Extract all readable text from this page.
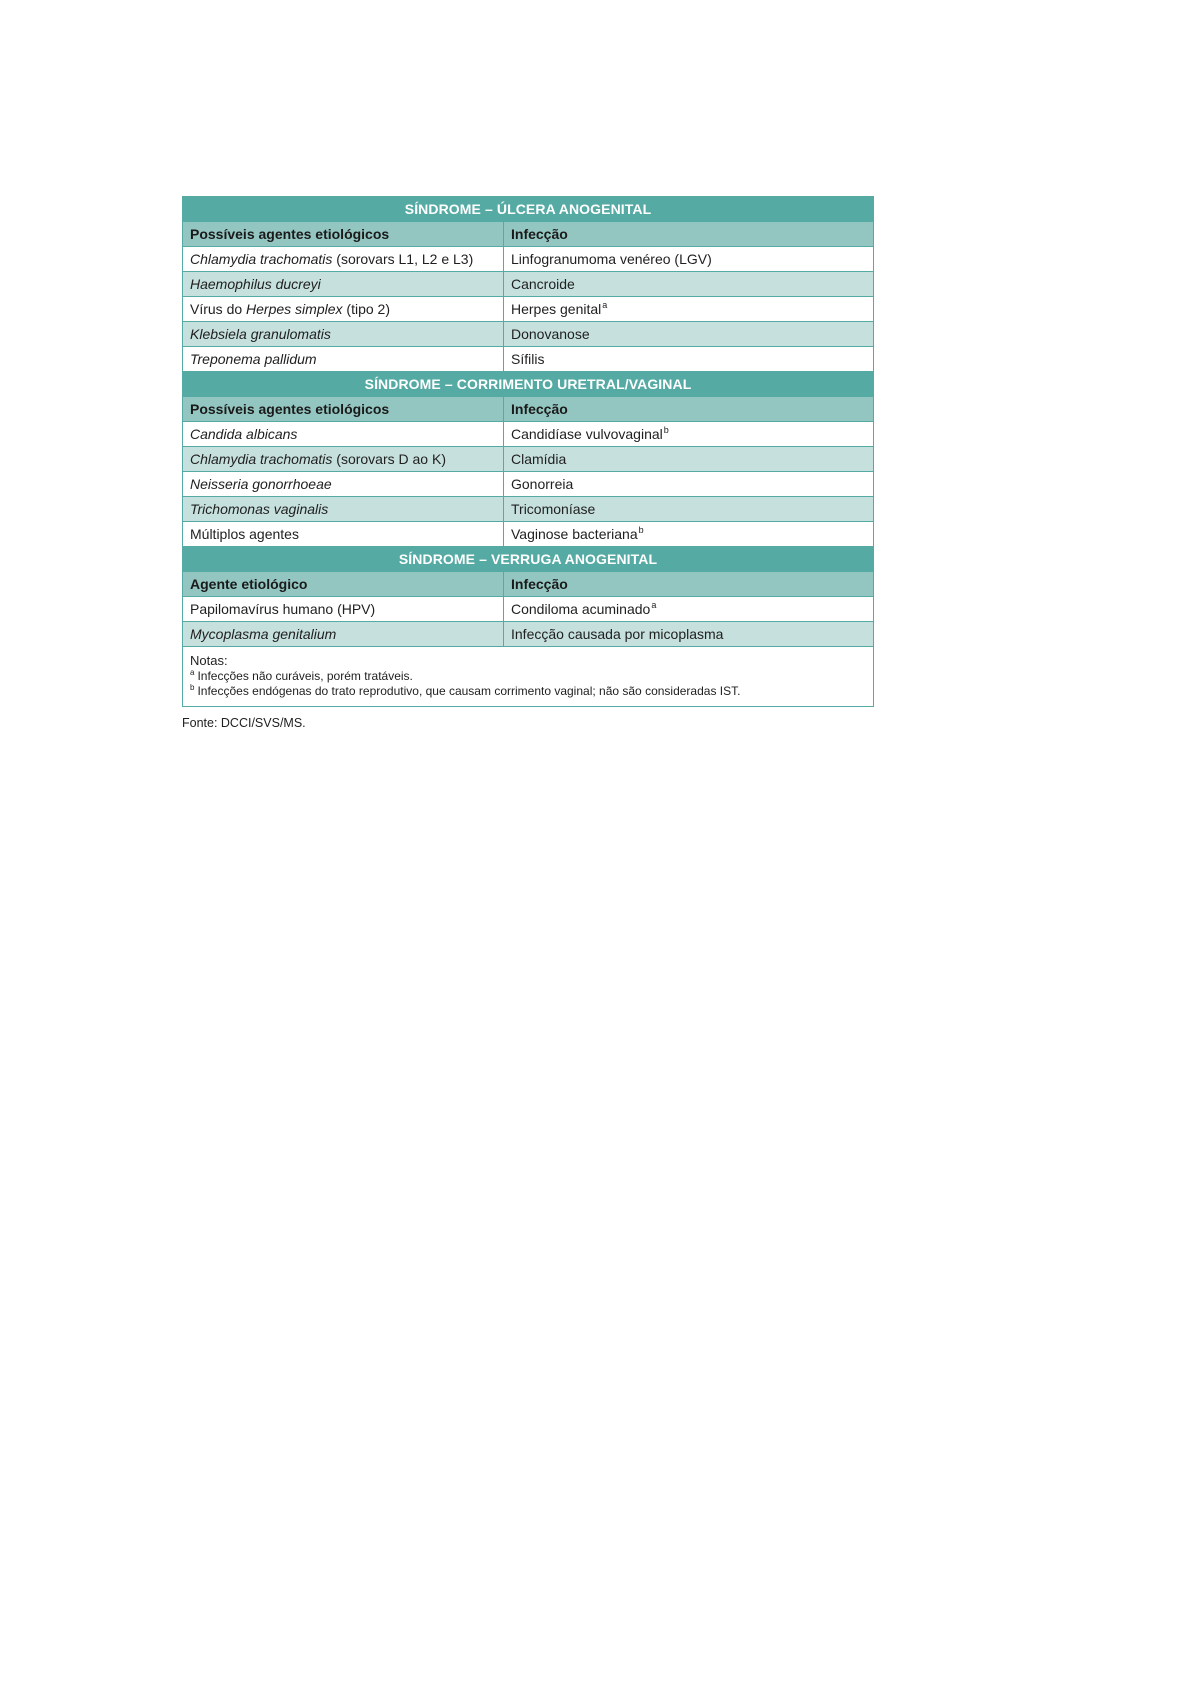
SÍNDROME – ÚLCERA ANOGENITAL	
Possíveis agentes etiológicos	Infecção
Chlamydia trachomatis (sorovars L1, L2 e L3)	Linfogranumoma venéreo (LGV)
Haemophilus ducreyi	Cancroide
Vírus do Herpes simplex (tipo 2)	Herpes genital$^a$
Klebsiela granulomatis	Donovanose
Treponema pallidum	Sífilis
SÍNDROME – CORRIMENTO URETRAL/VAGINAL	
Possíveis agentes etiológicos	Infecção
Candida albicans	Candidíase vulvovaginal$^b$
Chlamydia trachomatis (sorovars D ao K)	Clamídia
Neisseria gonorrhoeae	Gonorreia
Trichomonas vaginalis	Tricomoníase
Múltiplos agentes	Vaginose bacteriana$^b$
SÍNDROME – VERRUGA ANOGENITAL	
Agente etiológico	Infecção
Papilomavírus humano (HPV)	Condiloma acuminado$^a$
Mycoplasma genitalium	Infecção causada por micoplasma

Notas:
$^a$ Infecções não curáveis, porém tratáveis.
$^b$ Infecções endógenas do trato reprodutivo, que causam corrimento vaginal; não são consideradas IST.	
Fonte: DCCI/SVS/MS.
